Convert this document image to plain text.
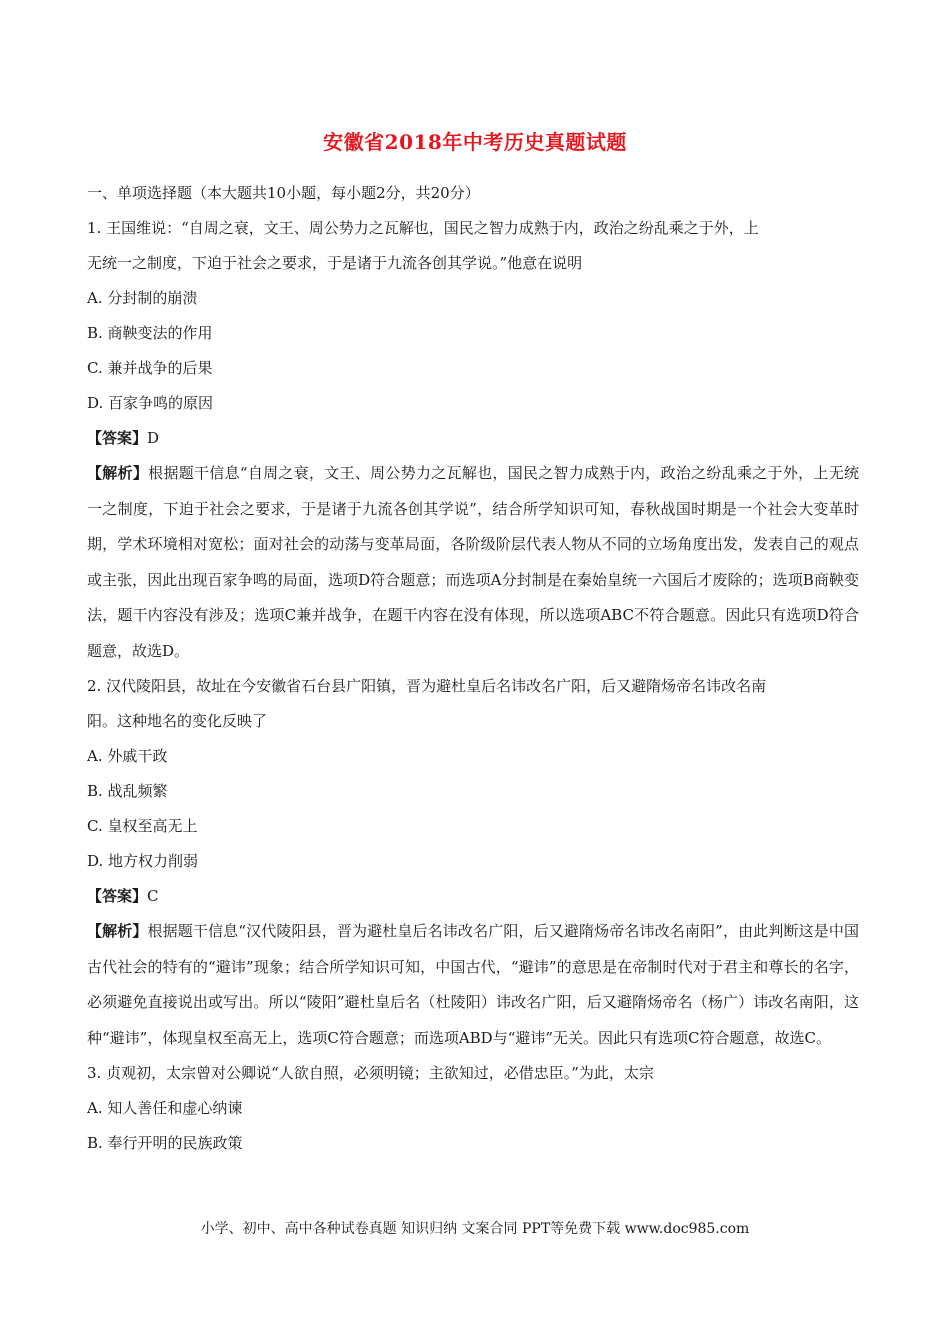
安徽省2018年中考历史真题试题
一、单项选择题（本大题共10小题，每小题2分，共20分）
1. 王国维说：“自周之衰，文王、周公势力之瓦解也，国民之智力成熟于内，政治之纷乱乘之于外，上
无统一之制度，下迫于社会之要求，于是诸于九流各创其学说。”他意在说明
A. 分封制的崩溃
B. 商鞅变法的作用
C. 兼并战争的后果
D. 百家争鸣的原因
【答案】D
【解析】根据题干信息“自周之衰，文王、周公势力之瓦解也，国民之智力成熟于内，政治之纷乱乘之于外，上无统一之制度，下迫于社会之要求，于是诸于九流各创其学说”，结合所学知识可知，春秋战国时期是一个社会大变革时期，学术环境相对宽松；面对社会的动荡与变革局面，各阶级阶层代表人物从不同的立场角度出发，发表自己的观点或主张，因此出现百家争鸣的局面，选项D符合题意；而选项A分封制是在秦始皇统一六国后才废除的；选项B商鞅变法，题干内容没有涉及；选项C兼并战争，在题干内容在没有体现，所以选项ABC不符合题意。因此只有选项D符合题意，故选D。
2. 汉代陵阳县，故址在今安徽省石台县广阳镇，晋为避杜皇后名讳改名广阳，后又避隋炀帝名讳改名南
阳。这种地名的变化反映了
A. 外戚干政
B. 战乱频繁
C. 皇权至高无上
D. 地方权力削弱
【答案】C
【解析】根据题干信息“汉代陵阳县，晋为避杜皇后名讳改名广阳，后又避隋炀帝名讳改名南阳”，由此判断这是中国古代社会的特有的“避讳”现象；结合所学知识可知，中国古代，“避讳”的意思是在帝制时代对于君主和尊长的名字，必须避免直接说出或写出。所以“陵阳”避杜皇后名（杜陵阳）讳改名广阳，后又避隋炀帝名（杨广）讳改名南阳，这种“避讳”，体现皇权至高无上，选项C符合题意；而选项ABD与“避讳”无关。因此只有选项C符合题意，故选C。
3. 贞观初，太宗曾对公卿说“人欲自照，必须明镜；主欲知过，必借忠臣。”为此，太宗
A. 知人善任和虚心纳谏
B. 奉行开明的民族政策
小学、初中、高中各种试卷真题 知识归纳 文案合同 PPT等免费下载 www.doc985.com
